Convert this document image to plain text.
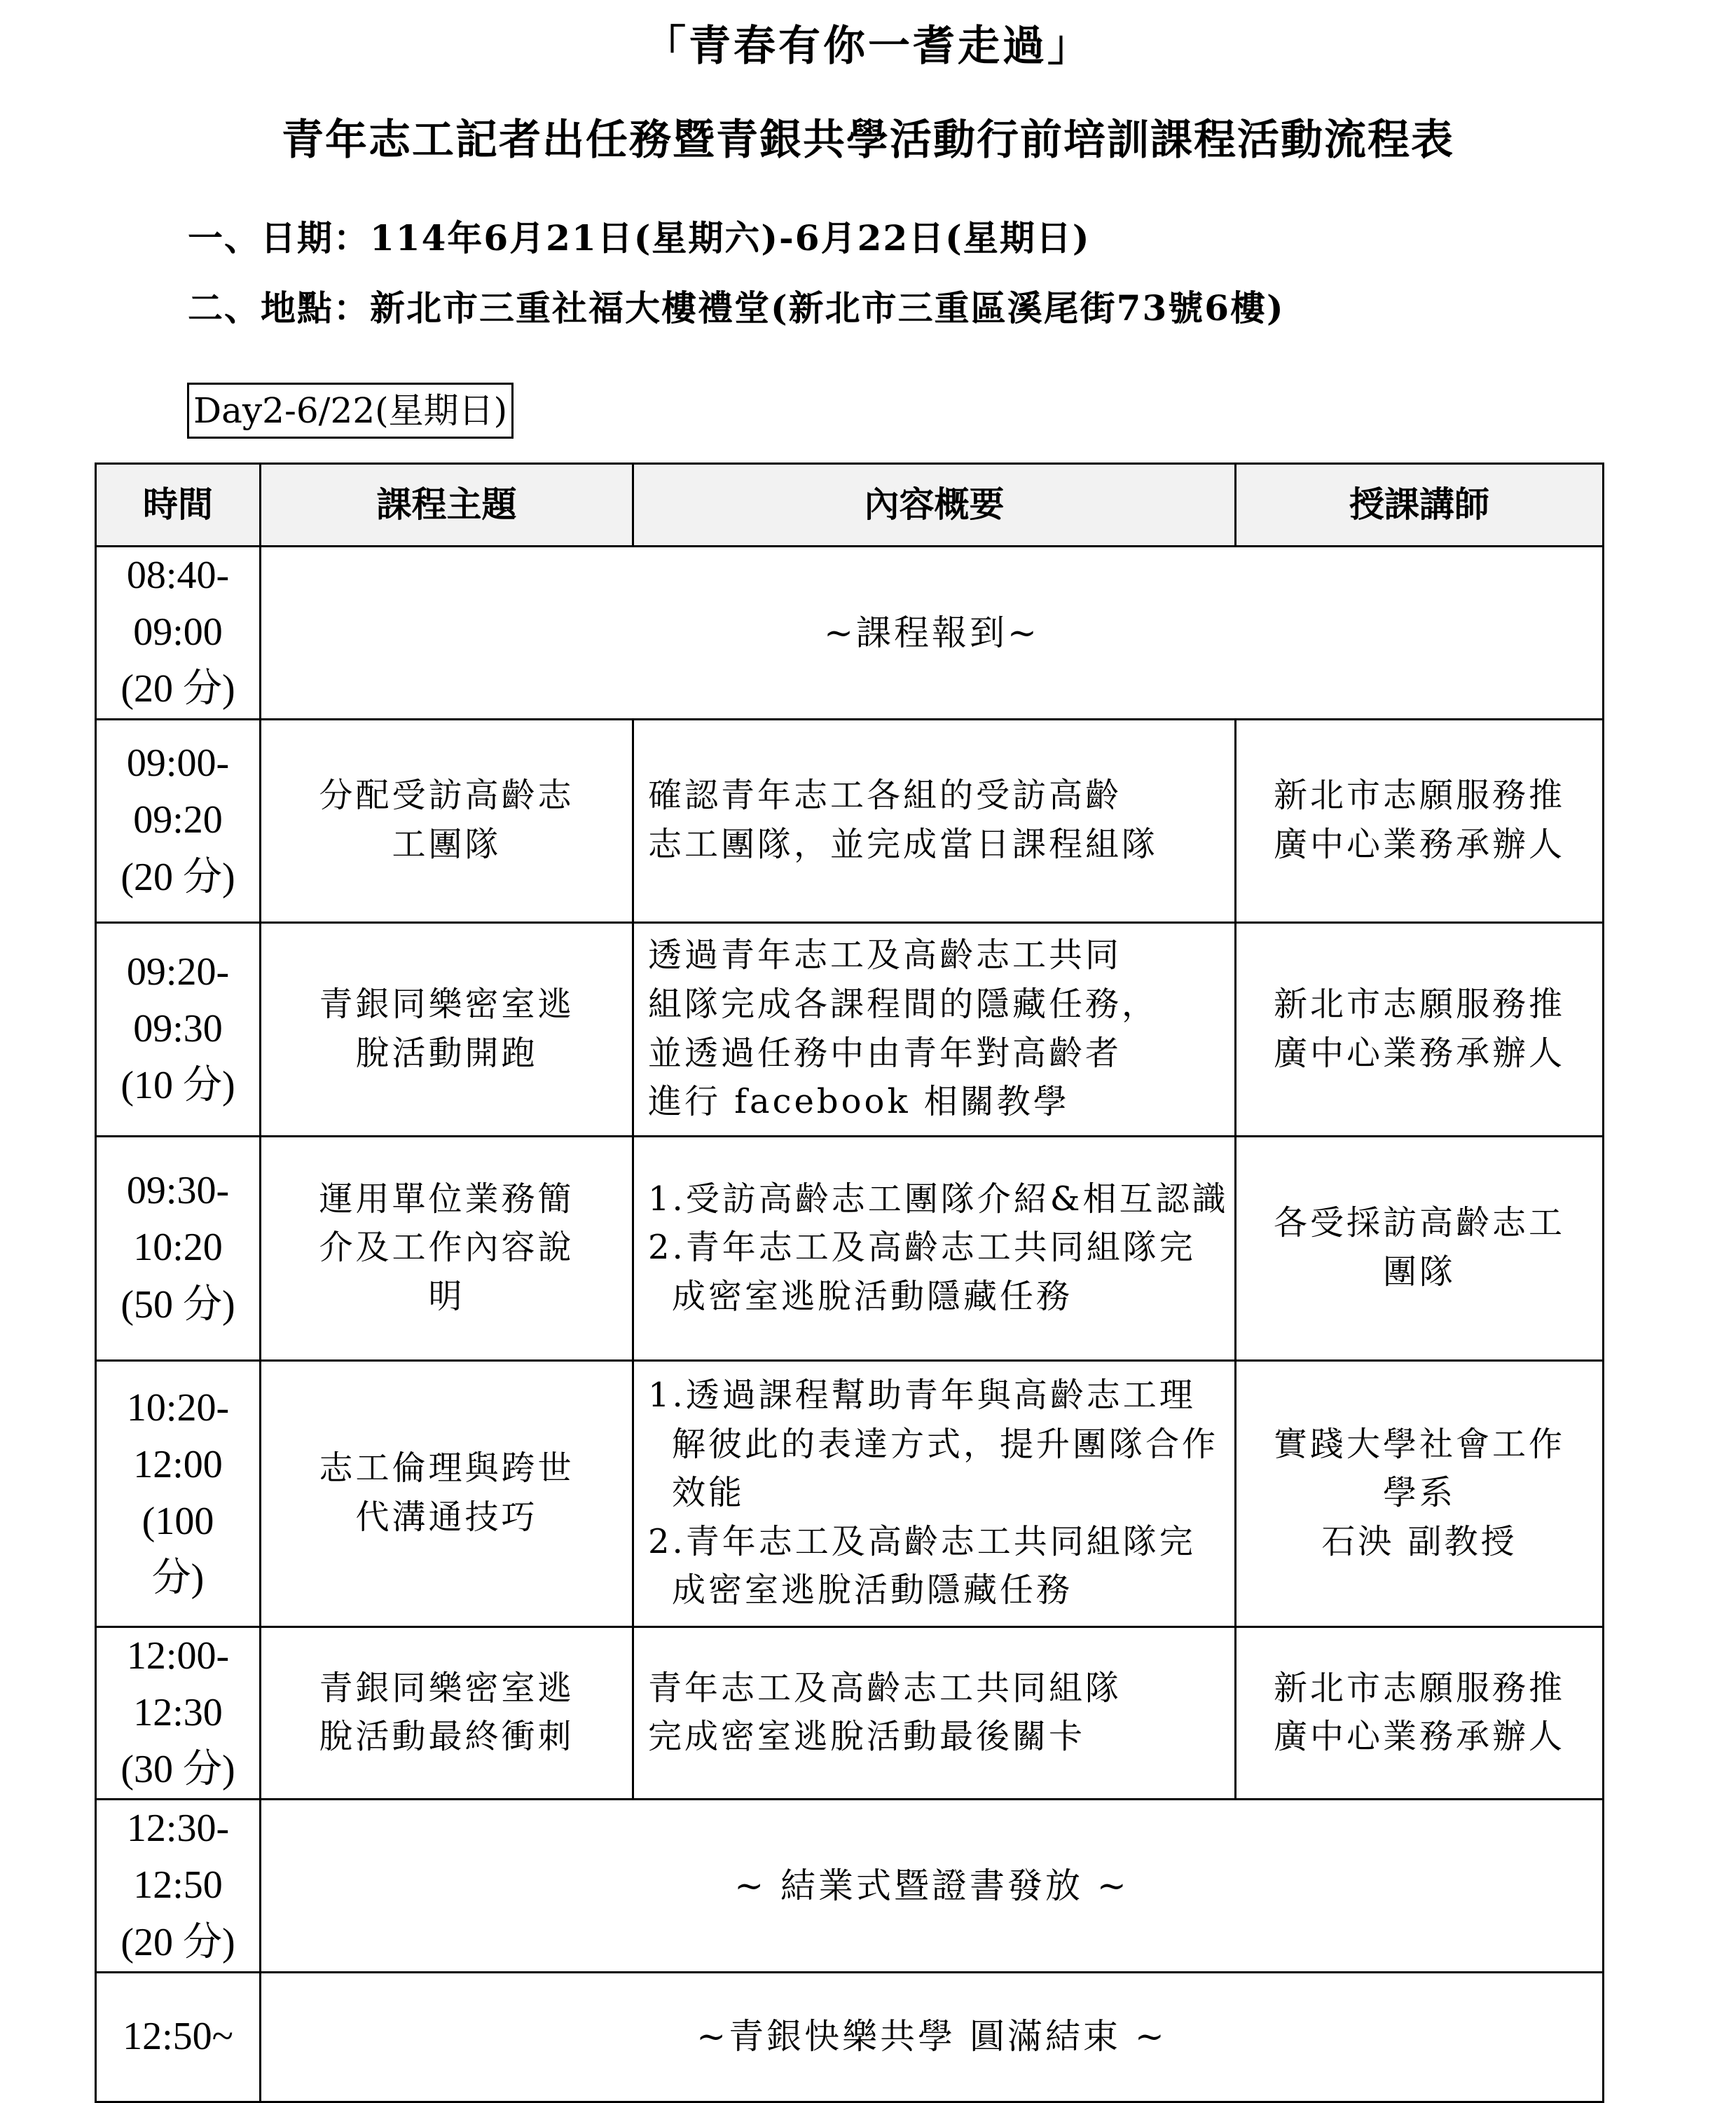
「青春有你一耆走過」
青年志工記者出任務暨青銀共學活動行前培訓課程活動流程表
一、日期：114年6月21日(星期六)-6月22日(星期日)
二、地點：新北市三重社福大樓禮堂(新北市三重區溪尾街73號6樓)
Day2-6/22(星期日)
時間	課程主題	內容概要	授課講師

08:40-
09:00
(20 分)	~課程報到~		

09:00-
09:20
(20 分)	分配受訪高齡志
工團隊	確認青年志工各組的受訪高齡
志工團隊，並完成當日課程組隊	新北市志願服務推
廣中心業務承辦人

09:20-
09:30
(10 分)	青銀同樂密室逃
脫活動開跑	透過青年志工及高齡志工共同
組隊完成各課程間的隱藏任務，
並透過任務中由青年對高齡者
進行 facebook 相關教學	新北市志願服務推
廣中心業務承辦人

09:30-
10:20
(50 分)	運用單位業務簡
介及工作內容說
明	1.受訪高齡志工團隊介紹&相互認識
2.青年志工及高齡志工共同組隊完成密室逃脫活動隱藏任務	各受採訪高齡志工
團隊

10:20-
12:00
(100
分)	志工倫理與跨世
代溝通技巧	1.透過課程幫助青年與高齡志工理解彼此的表達方式，提升團隊合作效能
2.青年志工及高齡志工共同組隊完成密室逃脫活動隱藏任務	實踐大學社會工作
學系
石泱 副教授

12:00-
12:30
(30 分)	青銀同樂密室逃
脫活動最終衝刺	青年志工及高齡志工共同組隊
完成密室逃脫活動最後關卡	新北市志願服務推
廣中心業務承辦人

12:30-
12:50
(20 分)	~ 結業式暨證書發放 ~		

12:50~	~青銀快樂共學 圓滿結束 ~		
